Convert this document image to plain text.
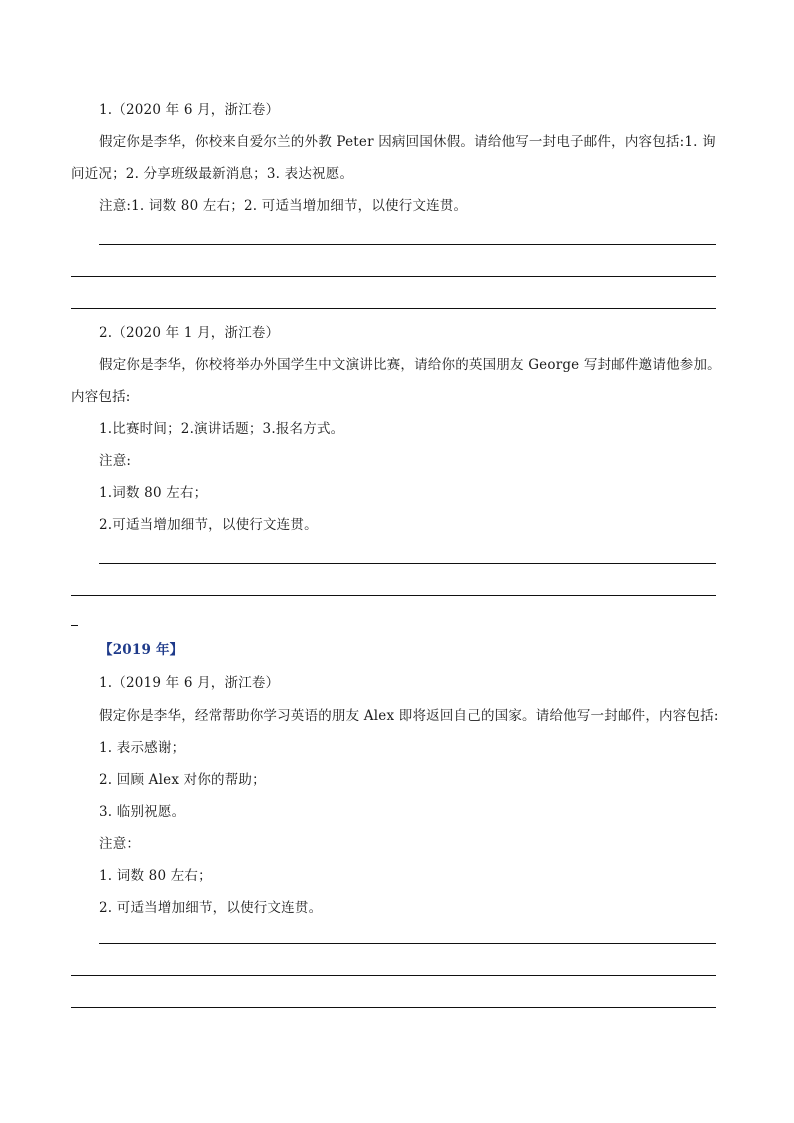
1.（2020 年 6 月，浙江卷）
假定你是李华，你校来自爱尔兰的外教 Peter 因病回国休假。请给他写一封电子邮件，内容包括:1. 询
问近况；2. 分享班级最新消息；3. 表达祝愿。
注意:1. 词数 80 左右；2. 可适当增加细节，以使行文连贯。
2.（2020 年 1 月，浙江卷）
假定你是李华，你校将举办外国学生中文演讲比赛，请给你的英国朋友 George 写封邮件邀请他参加。
内容包括:
1.比赛时间；2.演讲话题；3.报名方式。
注意:
1.词数 80 左右；
2.可适当增加细节，以使行文连贯。
【2019 年】
1.（2019 年 6 月，浙江卷）
假定你是李华，经常帮助你学习英语的朋友 Alex 即将返回自己的国家。请给他写一封邮件，内容包括:
1. 表示感谢；
2. 回顾 Alex 对你的帮助；
3. 临别祝愿。
注意：
1. 词数 80 左右；
2. 可适当增加细节，以使行文连贯。
